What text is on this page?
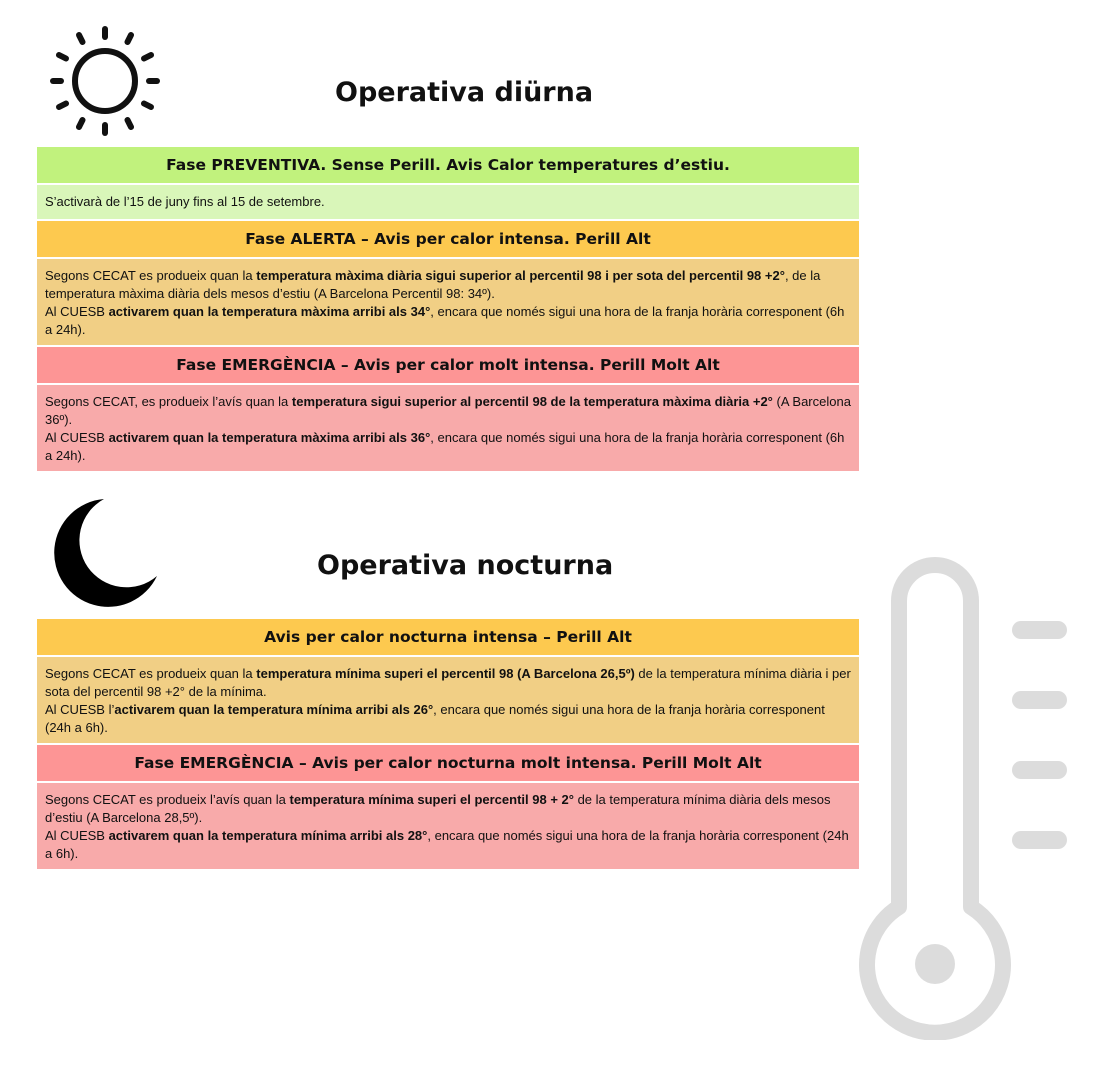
Operativa diürna
Fase PREVENTIVA. Sense Perill. Avis Calor temperatures d’estiu.

S’activarà de l’15 de juny fins al 15 de setembre.

Fase ALERTA – Avis per calor intensa. Perill Alt

Segons CECAT es produeix quan la temperatura màxima diària sigui superior al percentil 98 i per sota del percentil 98 +2°, de la temperatura màxima diària dels mesos d’estiu (A Barcelona Percentil 98: 34º).

Al CUESB activarem quan la temperatura màxima arribi als 34°, encara que només sigui una hora de la franja horària corresponent (6h a 24h).

Fase EMERGÈNCIA – Avis per calor molt intensa. Perill Molt Alt

Segons CECAT, es produeix l’avís quan la temperatura sigui superior al percentil 98 de la temperatura màxima diària +2° (A Barcelona 36º).

Al CUESB activarem quan la temperatura màxima arribi als 36°, encara que només sigui una hora de la franja horària corresponent (6h a 24h).

Operativa nocturna
Avis per calor nocturna intensa – Perill Alt

Segons CECAT es produeix quan la temperatura mínima superi el percentil 98 (A Barcelona 26,5º) de la temperatura mínima diària i per sota del percentil 98 +2° de la mínima.

Al CUESB l’activarem quan la temperatura mínima arribi als 26°, encara que només sigui una hora de la franja horària corresponent (24h a 6h).

Fase EMERGÈNCIA – Avis per calor nocturna molt intensa. Perill Molt Alt

Segons CECAT es produeix l’avís quan la temperatura mínima superi el percentil 98 + 2° de la temperatura mínima diària dels mesos d’estiu (A Barcelona 28,5º).

Al CUESB activarem quan la temperatura mínima arribi als 28°, encara que només sigui una hora de la franja horària corresponent (24h a 6h).
